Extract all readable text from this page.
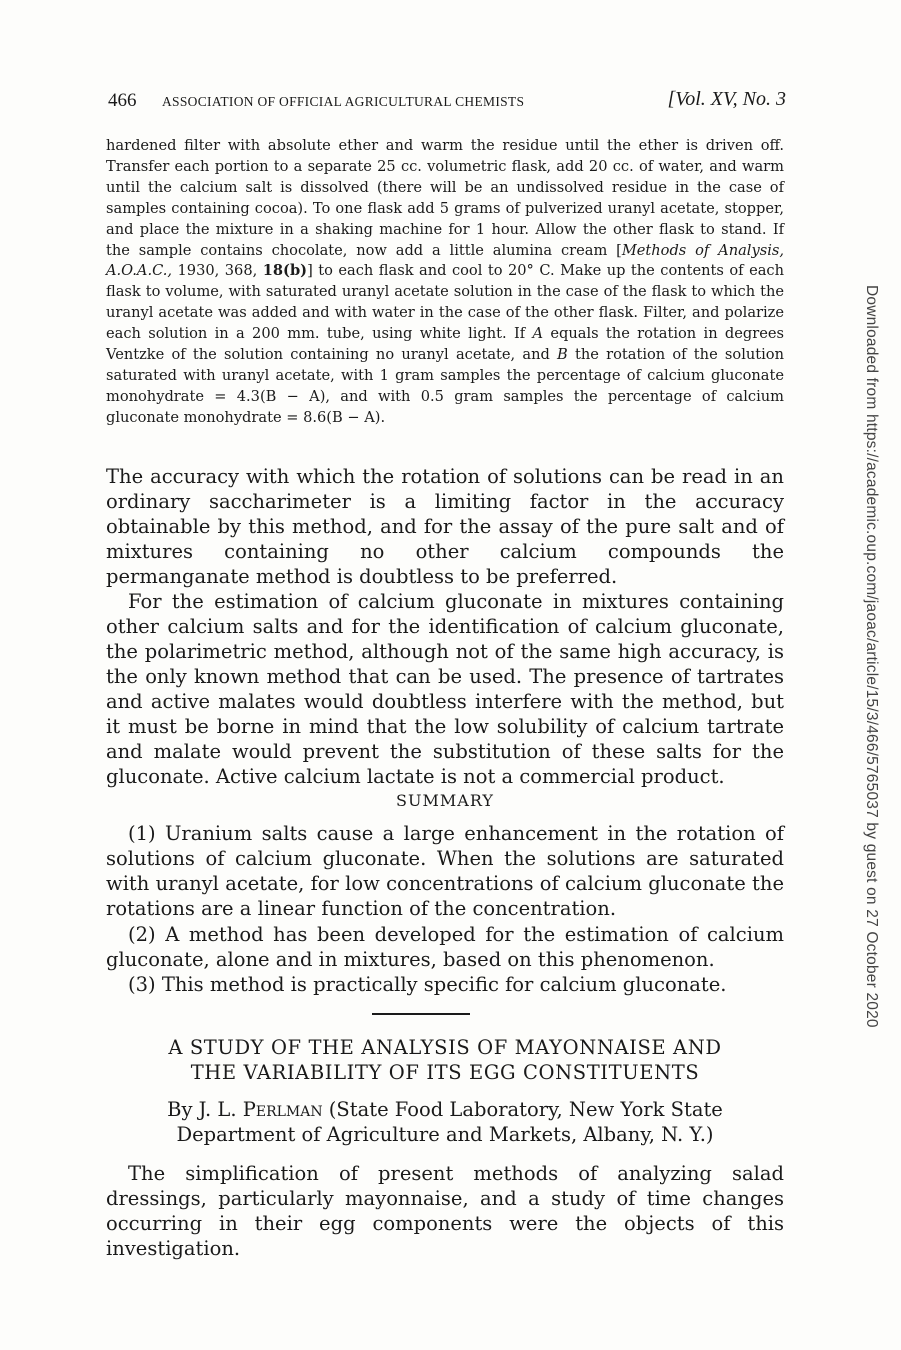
466 ASSOCIATION OF OFFICIAL AGRICULTURAL CHEMISTS	[Vol. XV, No. 3

hardened filter with absolute ether and warm the residue until the ether is driven off. Transfer each portion to a separate 25 cc. volumetric flask, add 20 cc. of water, and warm until the calcium salt is dissolved (there will be an undissolved residue in the case of samples containing cocoa). To one flask add 5 grams of pulverized uranyl acetate, stopper, and place the mixture in a shaking machine for 1 hour. Allow the other flask to stand. If the sample contains chocolate, now add a little alumina cream [Methods of Analysis, A.O.A.C., 1930, 368, 18(b)] to each flask and cool to 20° C. Make up the contents of each flask to volume, with saturated uranyl acetate solution in the case of the flask to which the uranyl acetate was added and with water in the case of the other flask. Filter, and polarize each solution in a 200 mm. tube, using white light. If A equals the rotation in degrees Ventzke of the solution containing no uranyl acetate, and B the rotation of the solution saturated with uranyl acetate, with 1 gram samples the percentage of calcium gluconate monohydrate = 4.3(B − A), and with 0.5 gram samples the percentage of calcium gluconate monohydrate = 8.6(B − A).

The accuracy with which the rotation of solutions can be read in an ordinary saccharimeter is a limiting factor in the accuracy obtainable by this method, and for the assay of the pure salt and of mixtures containing no other calcium compounds the permanganate method is doubtless to be preferred.

For the estimation of calcium gluconate in mixtures containing other calcium salts and for the identification of calcium gluconate, the polarimetric method, although not of the same high accuracy, is the only known method that can be used. The presence of tartrates and active malates would doubtless interfere with the method, but it must be borne in mind that the low solubility of calcium tartrate and malate would prevent the substitution of these salts for the gluconate. Active calcium lactate is not a commercial product.

SUMMARY

(1) Uranium salts cause a large enhancement in the rotation of solutions of calcium gluconate. When the solutions are saturated with uranyl acetate, for low concentrations of calcium gluconate the rotations are a linear function of the concentration.

(2) A method has been developed for the estimation of calcium gluconate, alone and in mixtures, based on this phenomenon.

(3) This method is practically specific for calcium gluconate.

A STUDY OF THE ANALYSIS OF MAYONNAISE AND
THE VARIABILITY OF ITS EGG CONSTITUENTS

By J. L. Perlman (State Food Laboratory, New York State
Department of Agriculture and Markets, Albany, N. Y.)

The simplification of present methods of analyzing salad dressings, particularly mayonnaise, and a study of time changes occurring in their egg components were the objects of this investigation.

Downloaded from https://academic.oup.com/jaoac/article/15/3/466/5765037 by guest on 27 October 2020
